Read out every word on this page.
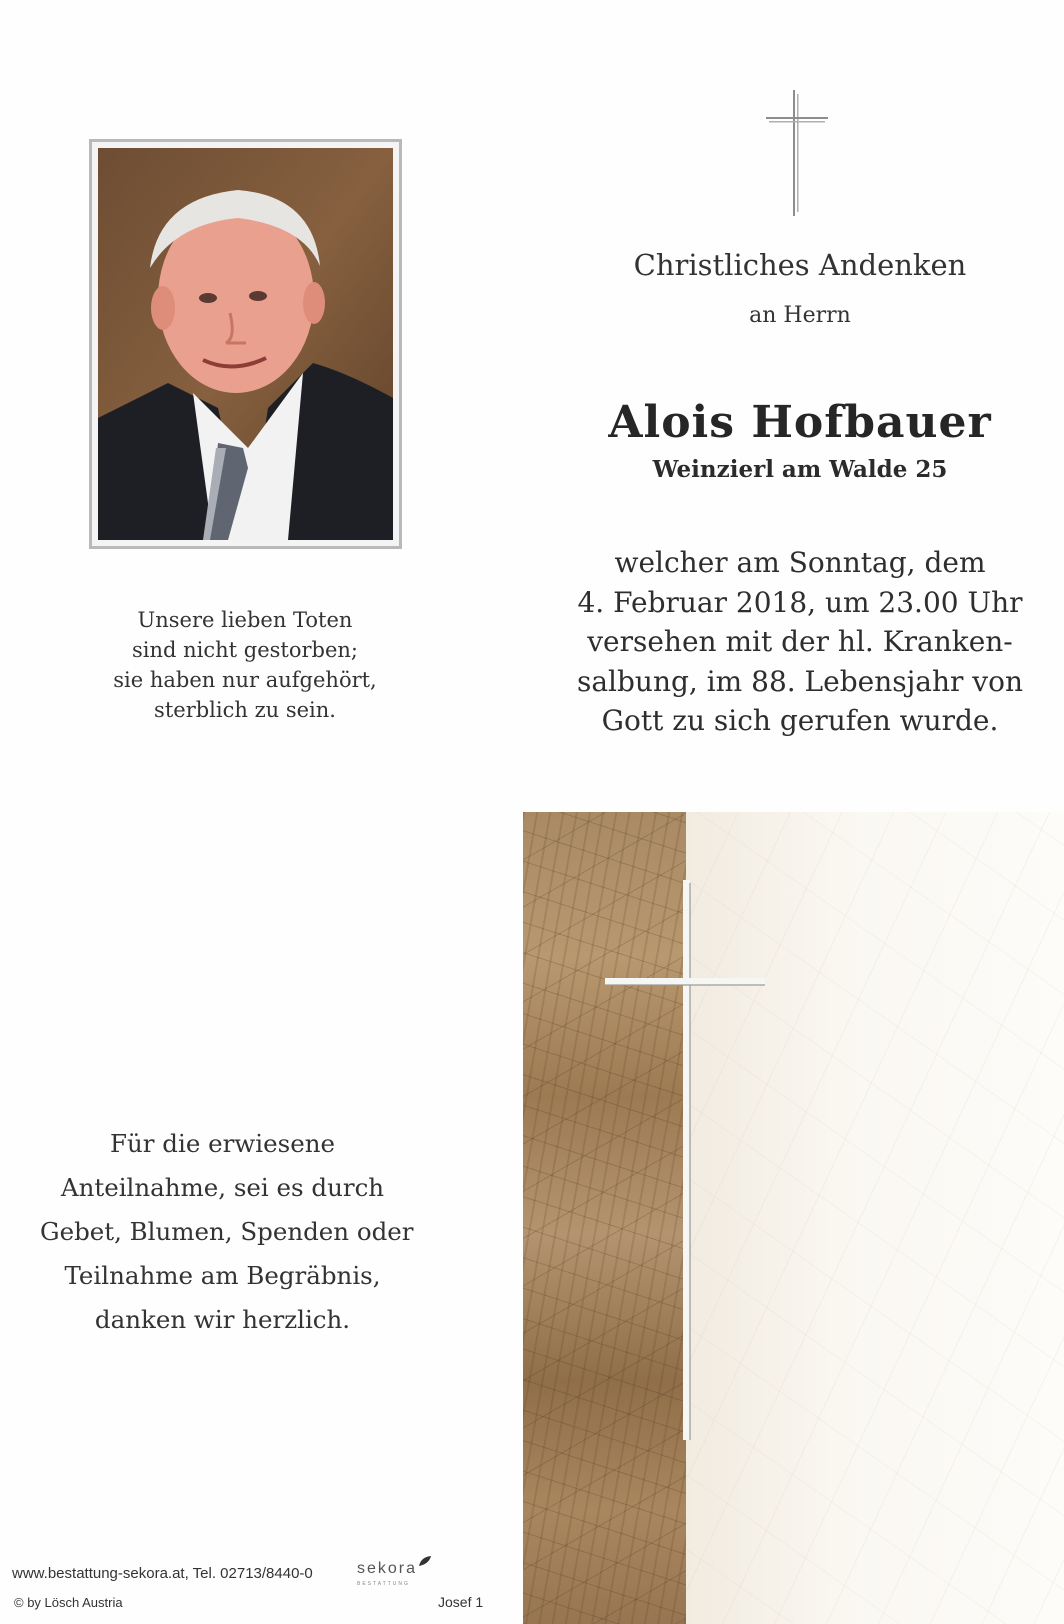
Unsere lieben Toten
sind nicht gestorben;
sie haben nur aufgehört,
sterblich zu sein.
Christliches Andenken
an Herrn
Alois Hofbauer
Weinzierl am Walde 25
welcher am Sonntag, dem
4. Februar 2018, um 23.00 Uhr
versehen mit der hl. Kranken-
salbung, im 88. Lebensjahr von
Gott zu sich gerufen wurde.
Für die erwiesene
Anteilnahme, sei es durch
Gebet, Blumen, Spenden oder
Teilnahme am Begräbnis,
danken wir herzlich.
www.bestattung-sekora.at, Tel. 02713/8440-0	sekora
BESTATTUNG
© by Lösch Austria	Josef 1
